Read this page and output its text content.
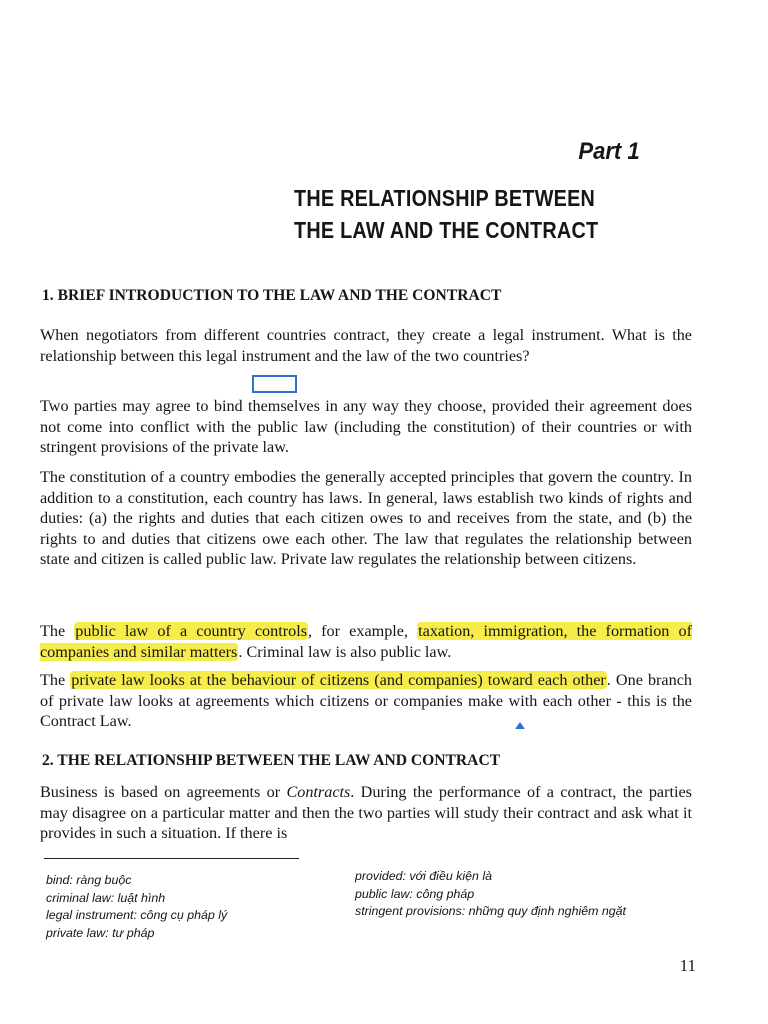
Part 1
THE RELATIONSHIP BETWEEN
THE LAW AND THE CONTRACT
1. BRIEF INTRODUCTION TO THE LAW AND THE CONTRACT
When negotiators from different countries contract, they create a legal instrument. What is the relationship between this legal instrument and the law of the two countries?
Two parties may agree to bind themselves in any way they choose, provided their agreement does not come into conflict with the public law (including the constitution) of their countries or with stringent provisions of the private law.
The constitution of a country embodies the generally accepted principles that govern the country. In addition to a constitution, each country has laws. In general, laws establish two kinds of rights and duties: (a) the rights and duties that each citizen owes to and receives from the state, and (b) the rights to and duties that citizens owe each other. The law that regulates the relationship between state and citizen is called public law. Private law regulates the relationship between citizens.
The public law of a country controls, for example, taxation, immigration, the formation of companies and similar matters. Criminal law is also public law.
The private law looks at the behaviour of citizens (and companies) toward each other. One branch of private law looks at agreements which citizens or companies make with each other - this is the Contract Law.
2. THE RELATIONSHIP BETWEEN THE LAW AND CONTRACT
Business is based on agreements or Contracts. During the performance of a contract, the parties may disagree on a particular matter and then the two parties will study their contract and ask what it provides in such a situation. If there is
bind: ràng buộc
criminal law: luật hình
legal instrument: công cụ pháp lý
private law: tư pháp
provided: với điều kiện là
public law: công pháp
stringent provisions: những quy định nghiêm ngặt
11
